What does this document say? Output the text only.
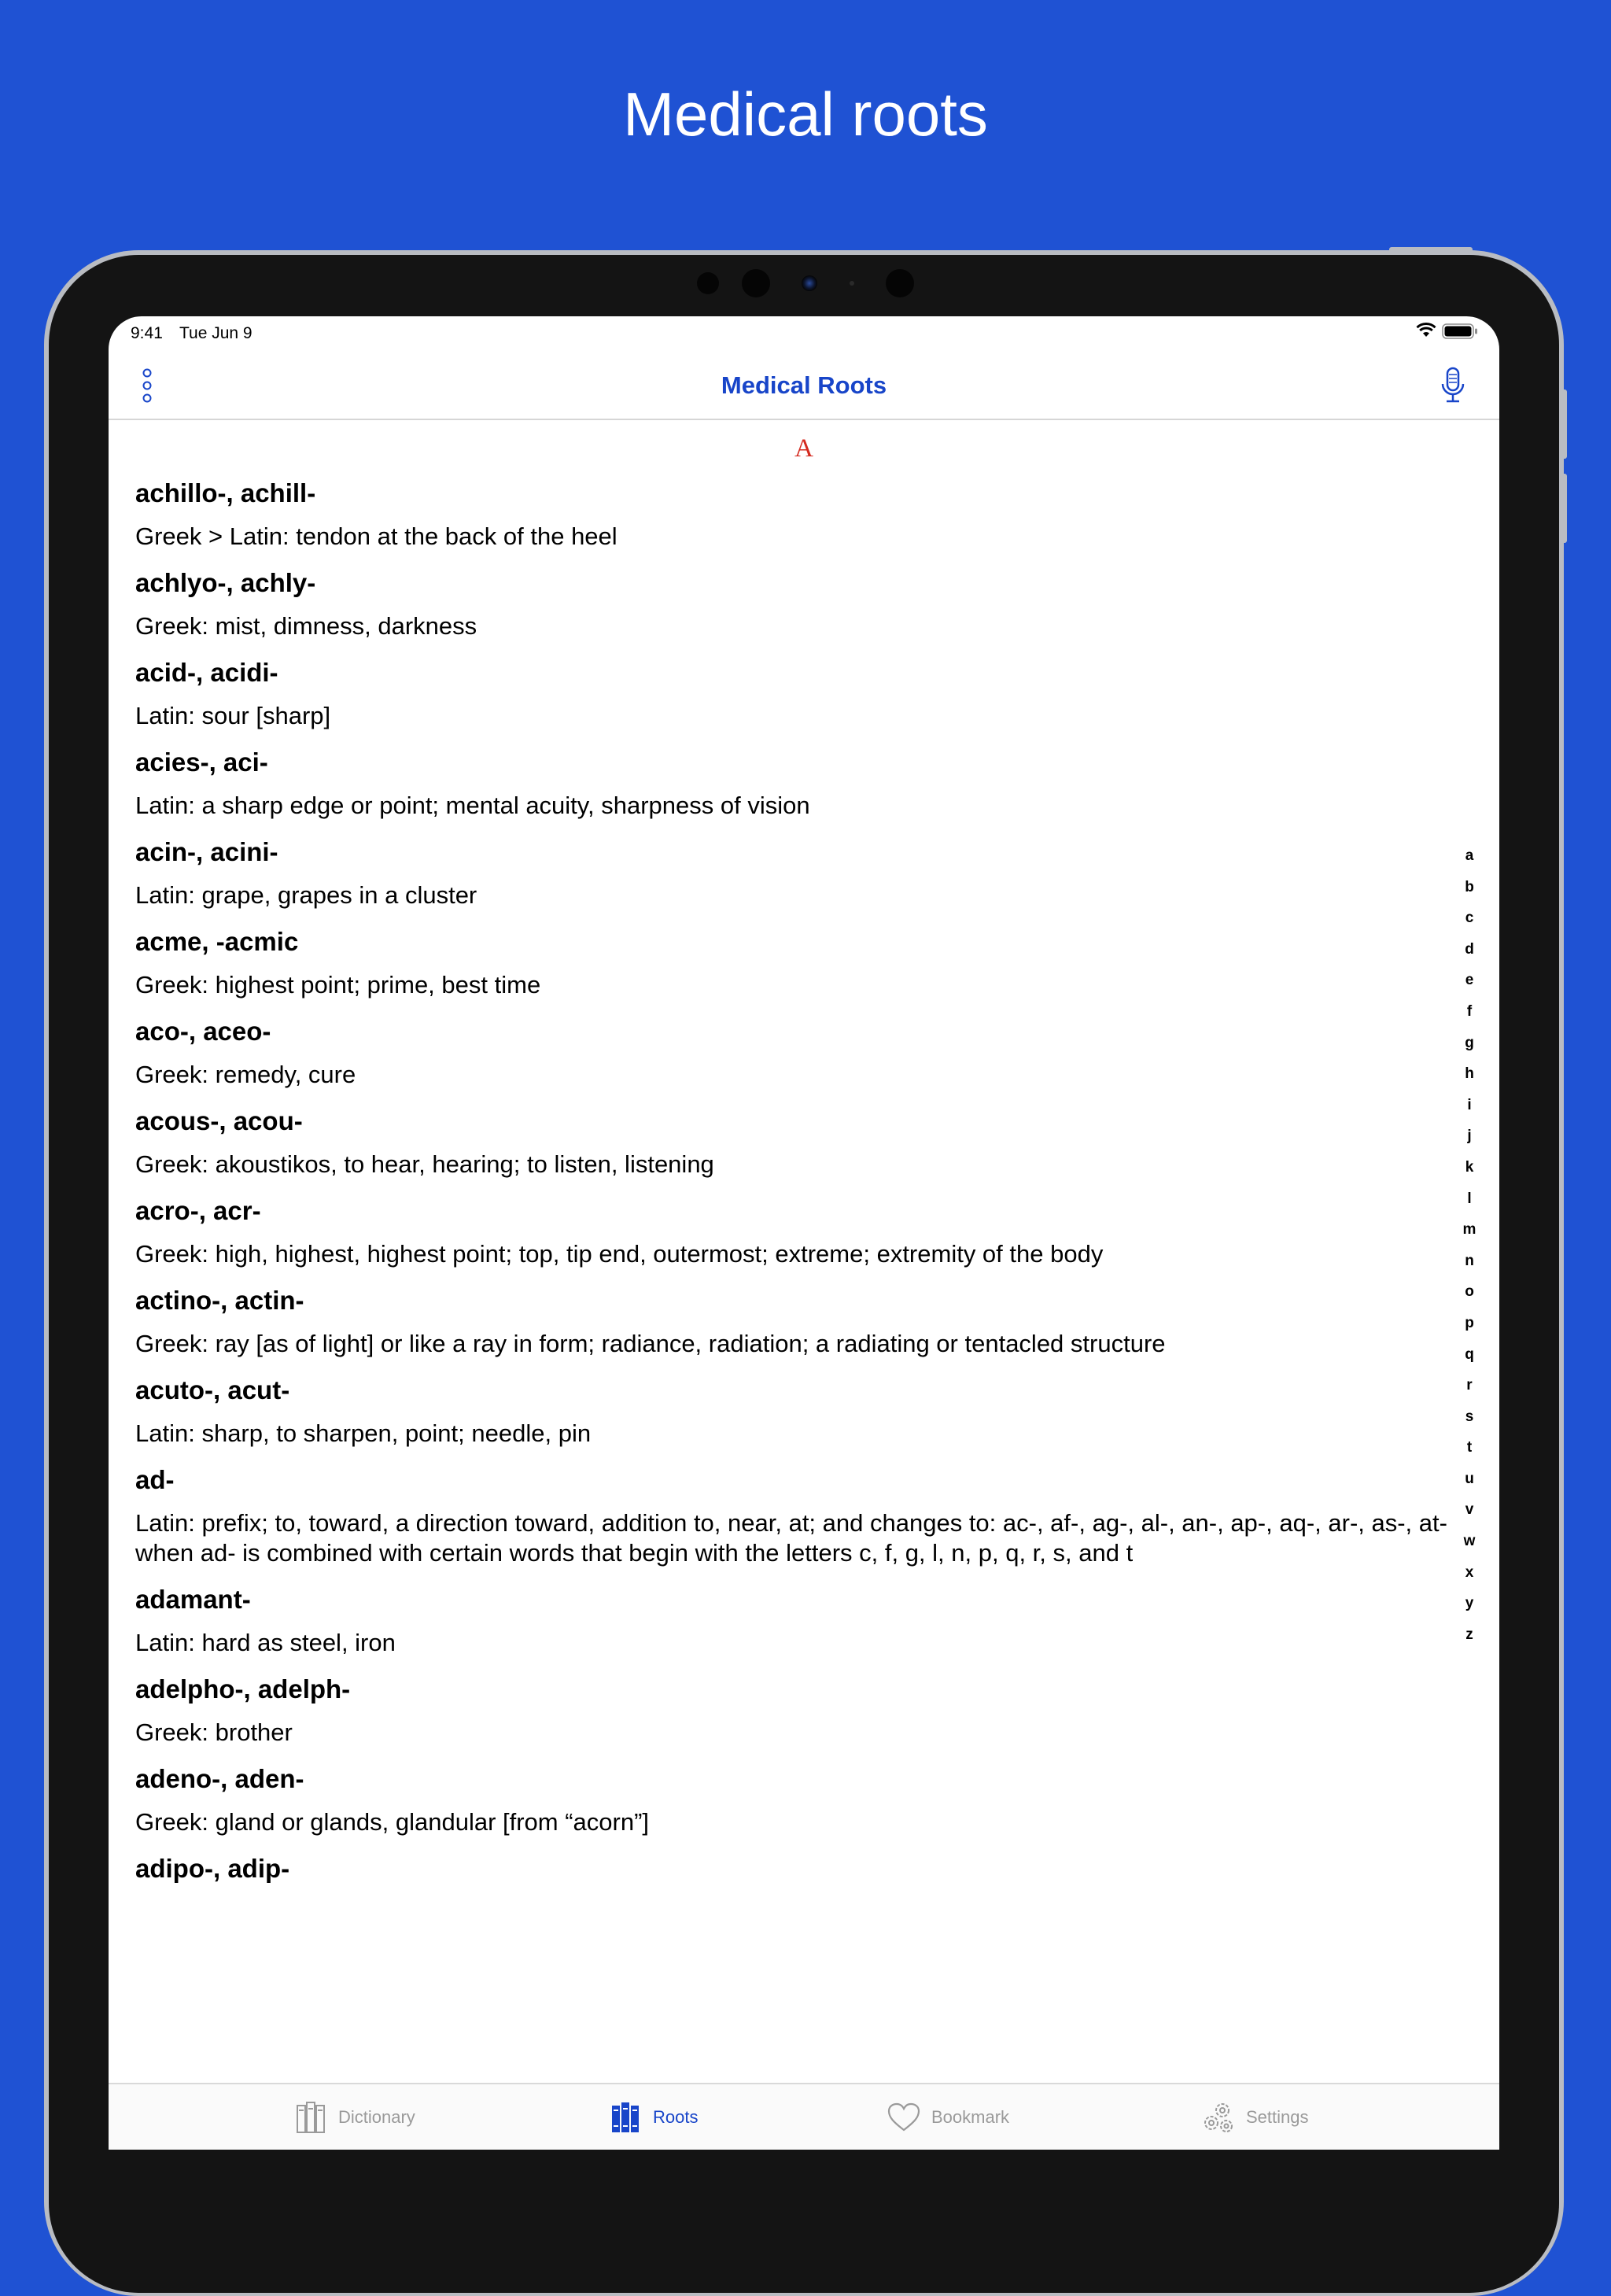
Medical roots
9:41 Tue Jun 9
Medical Roots
A
achillo-, achill-
Greek > Latin: tendon at the back of the heel
achlyo-, achly-
Greek: mist, dimness, darkness
acid-, acidi-
Latin: sour [sharp]
acies-, aci-
Latin: a sharp edge or point; mental acuity, sharpness of vision
acin-, acini-
Latin: grape, grapes in a cluster
acme, -acmic
Greek: highest point; prime, best time
aco-, aceo-
Greek: remedy, cure
acous-, acou-
Greek: akoustikos, to hear, hearing; to listen, listening
acro-, acr-
Greek: high, highest, highest point; top, tip end, outermost; extreme; extremity of the body
actino-, actin-
Greek: ray [as of light] or like a ray in form; radiance, radiation; a radiating or tentacled structure
acuto-, acut-
Latin: sharp, to sharpen, point; needle, pin
ad-
Latin: prefix; to, toward, a direction toward, addition to, near, at; and changes to: ac-, af-, ag-, al-, an-, ap-, aq-, ar-, as-, at- when ad- is combined with certain words that begin with the letters c, f, g, l, n, p, q, r, s, and t
adamant-
Latin: hard as steel, iron
adelpho-, adelph-
Greek: brother
adeno-, aden-
Greek: gland or glands, glandular [from “acorn”]
adipo-, adip-
a
b
c
d
e
f
g
h
i
j
k
l
m
n
o
p
q
r
s
t
u
v
w
x
y
z
Dictionary	Roots	Bookmark	Settings
